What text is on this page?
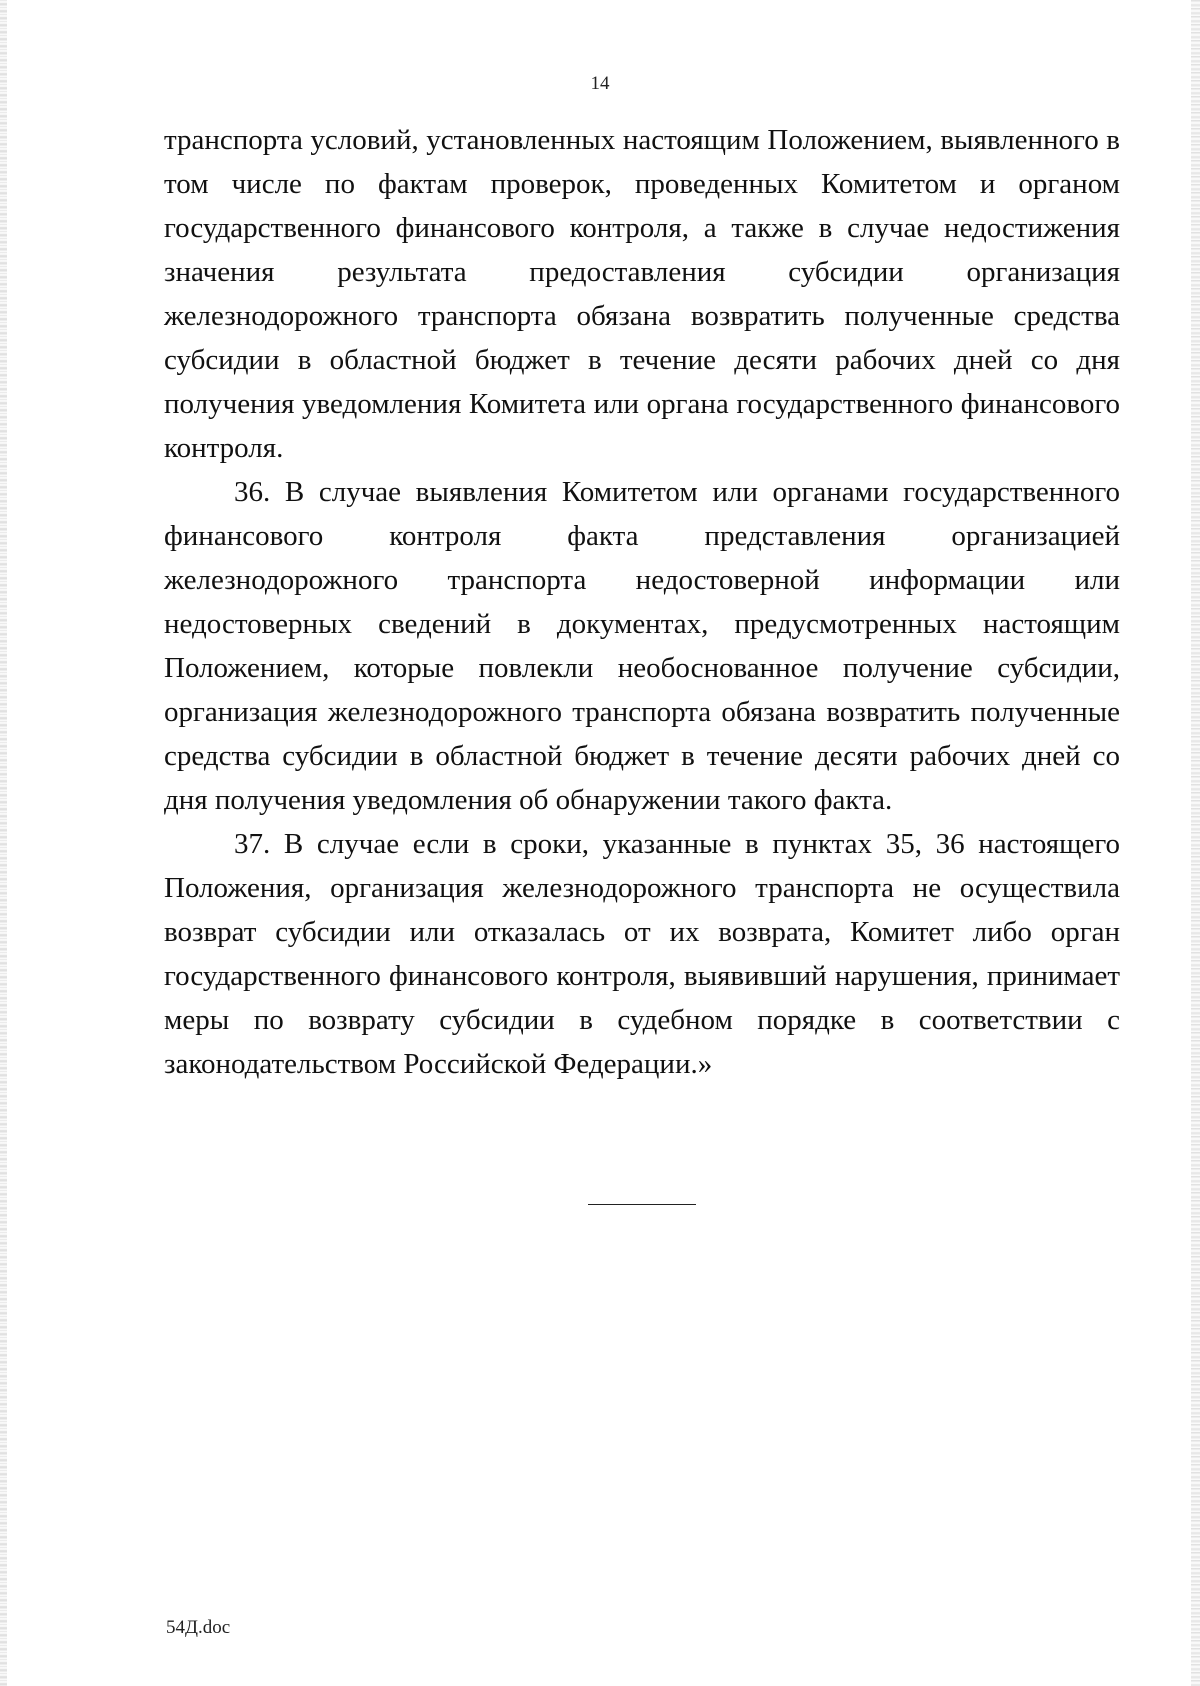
14

транспорта условий, установленных настоящим Положением, выявленного в том числе по фактам проверок, проведенных Комитетом и органом государственного финансового контроля, а также в случае недостижения значения результата предоставления субсидии организация железнодорожного транспорта обязана возвратить полученные средства субсидии в областной бюджет в течение десяти рабочих дней со дня получения уведомления Комитета или органа государственного финансового контроля.

36. В случае выявления Комитетом или органами государственного финансового контроля факта представления организацией железнодорожного транспорта недостоверной информации или недостоверных сведений в документах, предусмотренных настоящим Положением, которые повлекли необоснованное получение субсидии, организация железнодорожного транспорта обязана возвратить полученные средства субсидии в областной бюджет в течение десяти рабочих дней со дня получения уведомления об обнаружении такого факта.

37. В случае если в сроки, указанные в пунктах 35, 36 настоящего Положения, организация железнодорожного транспорта не осуществила возврат субсидии или отказалась от их возврата, Комитет либо орган государственного финансового контроля, выявивший нарушения, принимает меры по возврату субсидии в судебном порядке в соответствии с законодательством Российской Федерации.»

54Д.doc
